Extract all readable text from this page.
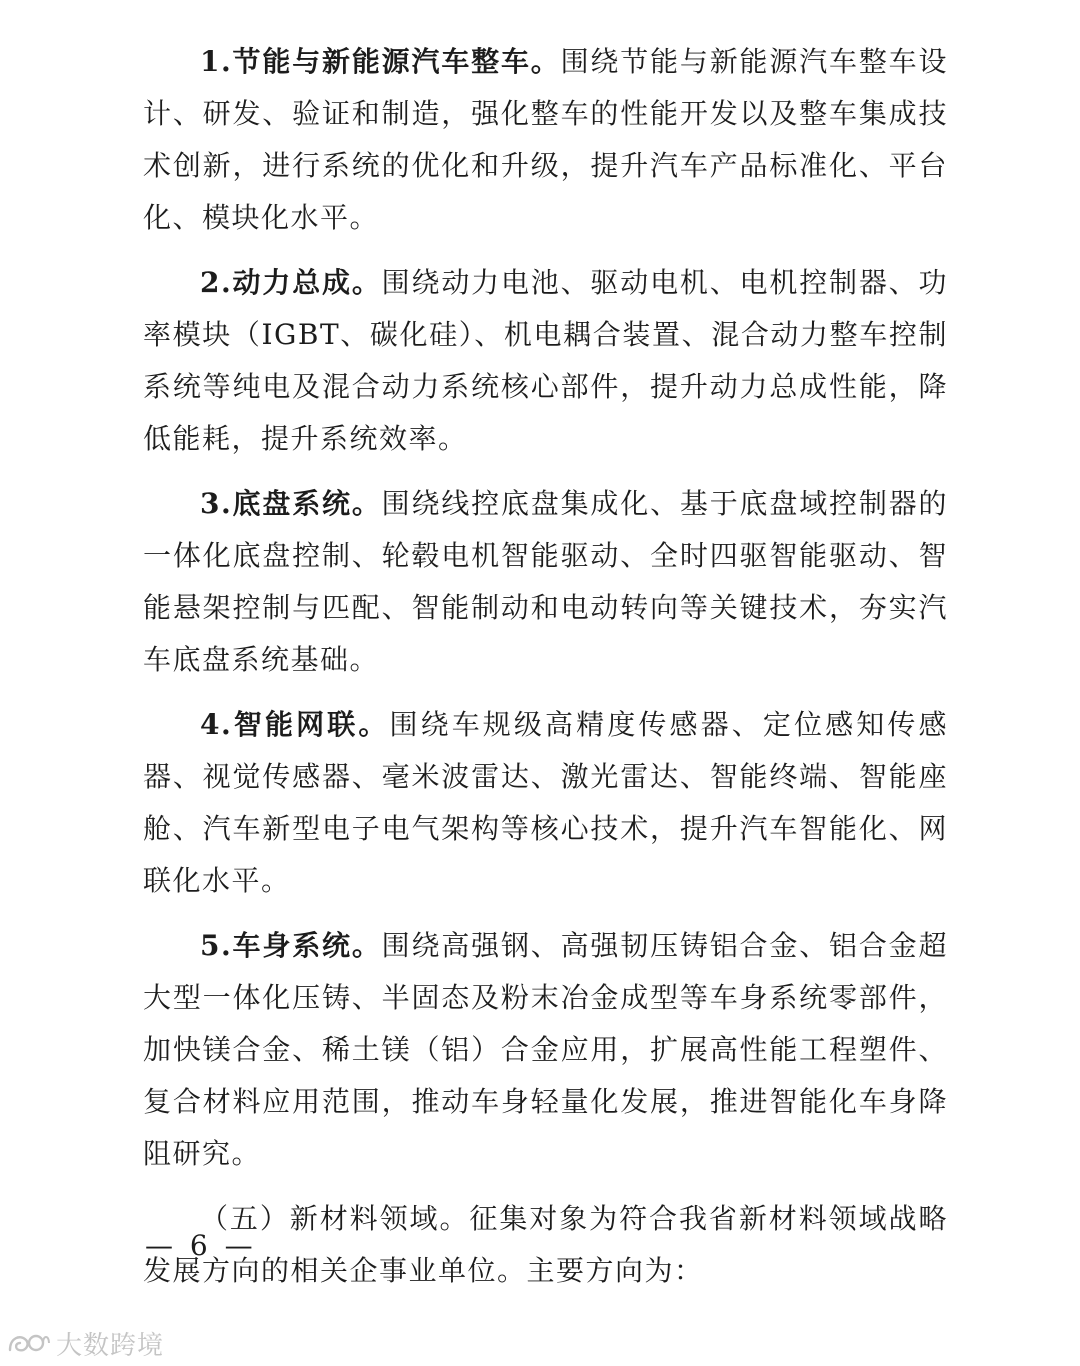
1.节能与新能源汽车整车。围绕节能与新能源汽车整车设计、研发、验证和制造，强化整车的性能开发以及整车集成技术创新，进行系统的优化和升级，提升汽车产品标准化、平台化、模块化水平。

2.动力总成。围绕动力电池、驱动电机、电机控制器、功率模块（IGBT、碳化硅）、机电耦合装置、混合动力整车控制系统等纯电及混合动力系统核心部件，提升动力总成性能，降低能耗，提升系统效率。

3.底盘系统。围绕线控底盘集成化、基于底盘域控制器的一体化底盘控制、轮毂电机智能驱动、全时四驱智能驱动、智能悬架控制与匹配、智能制动和电动转向等关键技术，夯实汽车底盘系统基础。

4.智能网联。围绕车规级高精度传感器、定位感知传感器、视觉传感器、毫米波雷达、激光雷达、智能终端、智能座舱、汽车新型电子电气架构等核心技术，提升汽车智能化、网联化水平。

5.车身系统。围绕高强钢、高强韧压铸铝合金、铝合金超大型一体化压铸、半固态及粉末冶金成型等车身系统零部件，加快镁合金、稀土镁（铝）合金应用，扩展高性能工程塑件、复合材料应用范围，推动车身轻量化发展，推进智能化车身降阻研究。

（五）新材料领域。征集对象为符合我省新材料领域战略发展方向的相关企事业单位。主要方向为：

— 6 —
大数跨境
